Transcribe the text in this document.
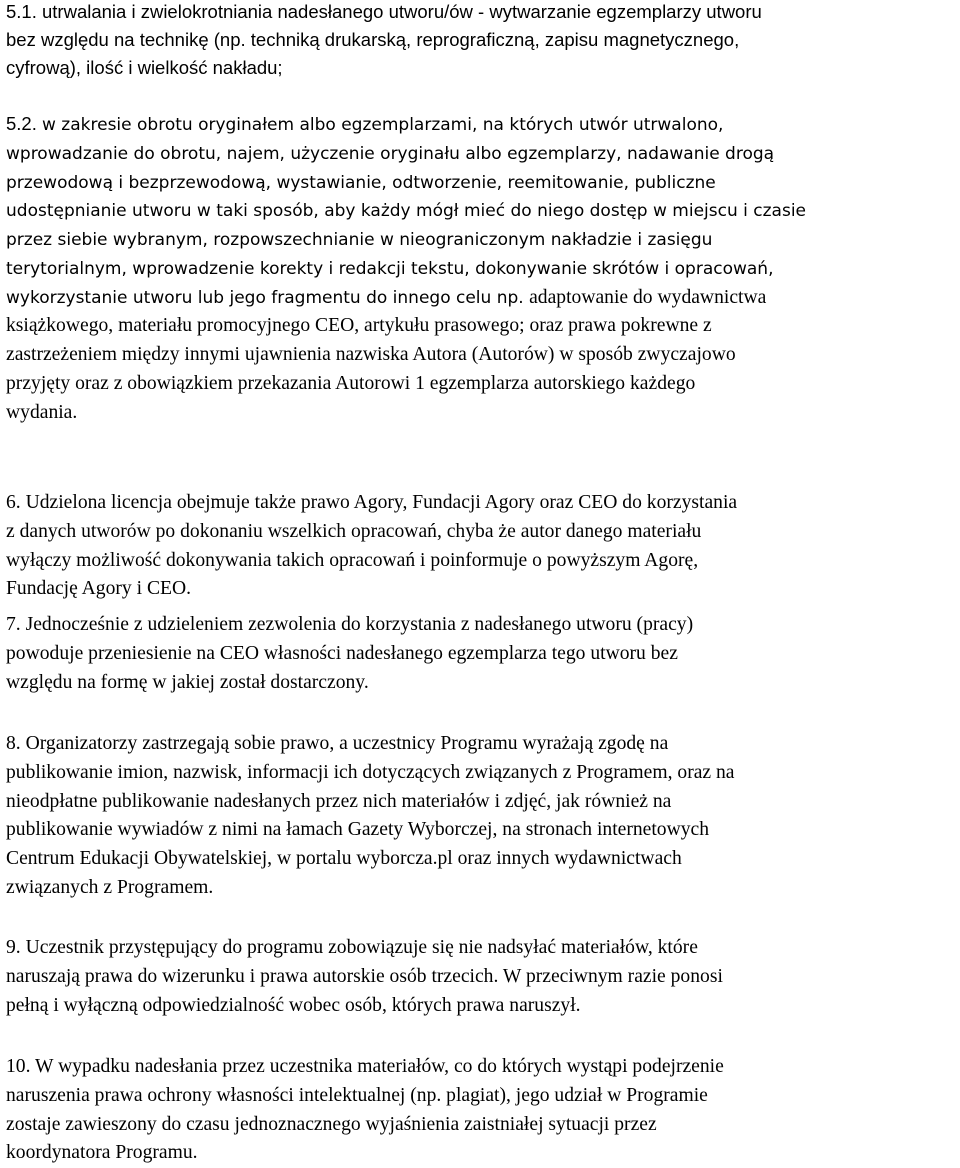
5.1. utrwalania i zwielokrotniania nadesłanego utworu/ów - wytwarzanie egzemplarzy utworu
bez względu na technikę (np. techniką drukarską, reprograficzną, zapisu magnetycznego,
cyfrową), ilość i wielkość nakładu;

5.2. w zakresie obrotu oryginałem albo egzemplarzami, na których utwór utrwalono,
wprowadzanie do obrotu, najem, użyczenie oryginału albo egzemplarzy, nadawanie drogą
przewodową i bezprzewodową, wystawianie, odtworzenie, reemitowanie, publiczne
udostępnianie utworu w taki sposób, aby każdy mógł mieć do niego dostęp w miejscu i czasie
przez siebie wybranym, rozpowszechnianie w nieograniczonym nakładzie i zasięgu
terytorialnym, wprowadzenie korekty i redakcji tekstu, dokonywanie skrótów i opracowań,
wykorzystanie utworu lub jego fragmentu do innego celu np. adaptowanie do wydawnictwa
książkowego, materiału promocyjnego CEO, artykułu prasowego; oraz prawa pokrewne z
zastrzeżeniem między innymi ujawnienia nazwiska Autora (Autorów) w sposób zwyczajowo
przyjęty oraz z obowiązkiem przekazania Autorowi 1 egzemplarza autorskiego każdego
wydania.

6. Udzielona licencja obejmuje także prawo Agory, Fundacji Agory oraz CEO do korzystania
z danych utworów po dokonaniu wszelkich opracowań, chyba że autor danego materiału
wyłączy możliwość dokonywania takich opracowań i poinformuje o powyższym Agorę,
Fundację Agory i CEO.

7. Jednocześnie z udzieleniem zezwolenia do korzystania z nadesłanego utworu (pracy)
powoduje przeniesienie na CEO własności nadesłanego egzemplarza tego utworu bez
względu na formę w jakiej został dostarczony.

8. Organizatorzy zastrzegają sobie prawo, a uczestnicy Programu wyrażają zgodę na
publikowanie imion, nazwisk, informacji ich dotyczących związanych z Programem, oraz na
nieodpłatne publikowanie nadesłanych przez nich materiałów i zdjęć, jak również na
publikowanie wywiadów z nimi na łamach Gazety Wyborczej, na stronach internetowych
Centrum Edukacji Obywatelskiej, w portalu wyborcza.pl oraz innych wydawnictwach
związanych z Programem.

9. Uczestnik przystępujący do programu zobowiązuje się nie nadsyłać materiałów, które
naruszają prawa do wizerunku i prawa autorskie osób trzecich. W przeciwnym razie ponosi
pełną i wyłączną odpowiedzialność wobec osób, których prawa naruszył.

10. W wypadku nadesłania przez uczestnika materiałów, co do których wystąpi podejrzenie
naruszenia prawa ochrony własności intelektualnej (np. plagiat), jego udział w Programie
zostaje zawieszony do czasu jednoznacznego wyjaśnienia zaistniałej sytuacji przez
koordynatora Programu.
